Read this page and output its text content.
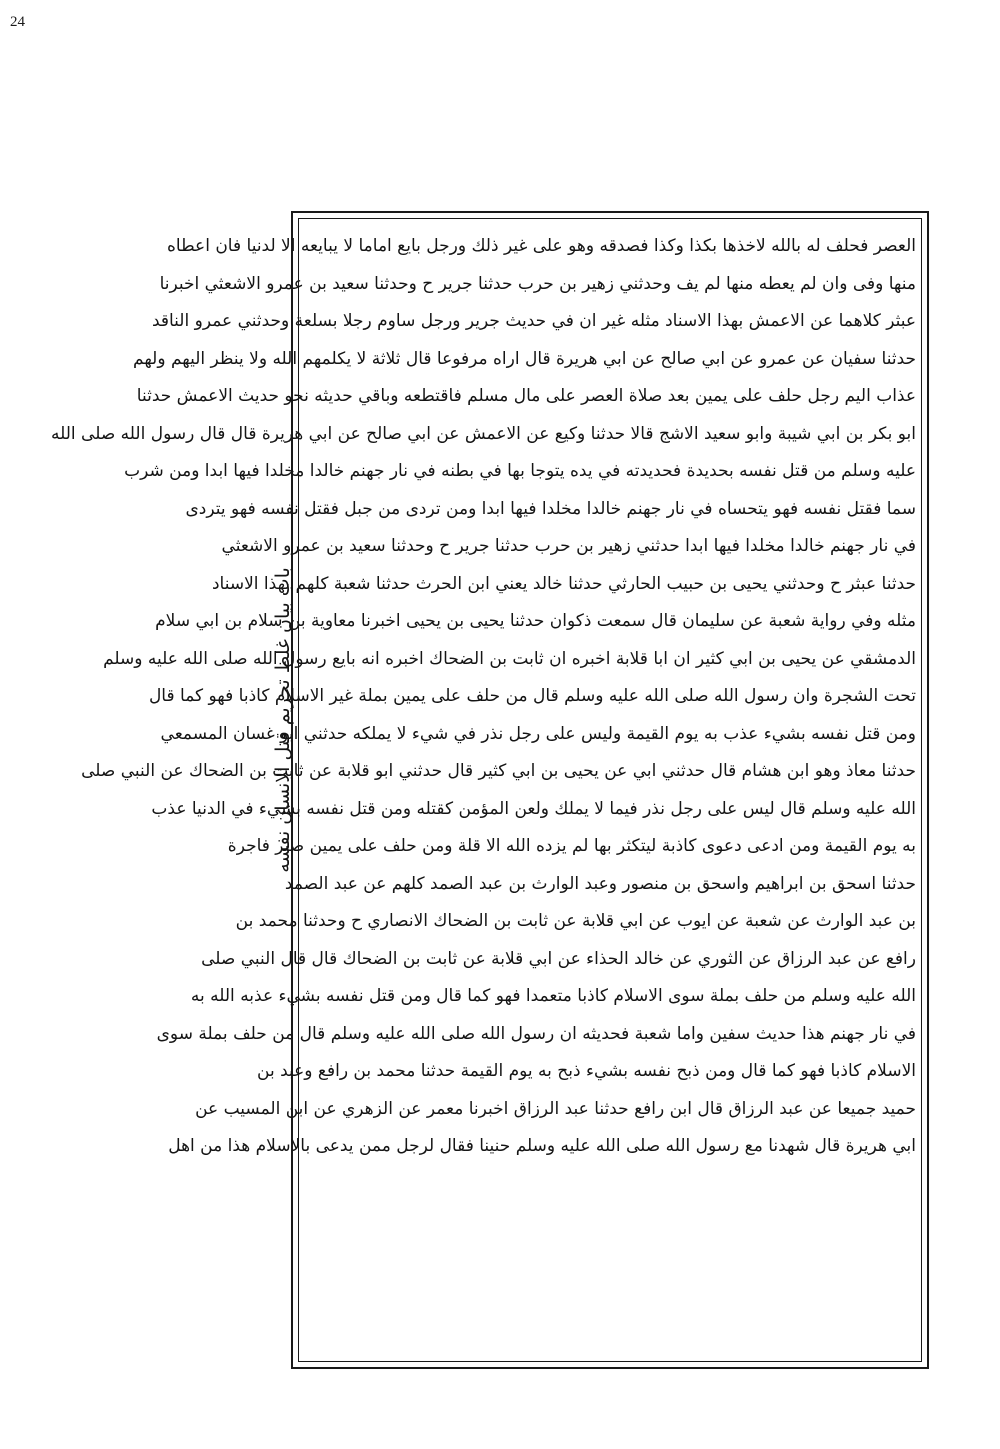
24
باب بيان غلظ تحريم قتل الانسان نفسه
العصر فحلف له بالله لاخذها بكذا وكذا فصدقه وهو على غير ذلك ورجل بايع اماما لا يبايعه الا لدنيا فان اعطاه
منها وفى وان لم يعطه منها لم يف وحدثني زهير بن حرب حدثنا جرير ح وحدثنا سعيد بن عمرو الاشعثي اخبرنا
عبثر كلاهما عن الاعمش بهذا الاسناد مثله غير ان في حديث جرير ورجل ساوم رجلا بسلعة وحدثني عمرو الناقد
حدثنا سفيان عن عمرو عن ابي صالح عن ابي هريرة قال اراه مرفوعا قال ثلاثة لا يكلمهم الله ولا ينظر اليهم ولهم
عذاب اليم رجل حلف على يمين بعد صلاة العصر على مال مسلم فاقتطعه وباقي حديثه نحو حديث الاعمش حدثنا
ابو بكر بن ابي شيبة وابو سعيد الاشج قالا حدثنا وكيع عن الاعمش عن ابي صالح عن ابي هريرة قال قال رسول الله صلى الله
عليه وسلم من قتل نفسه بحديدة فحديدته في يده يتوجا بها في بطنه في نار جهنم خالدا مخلدا فيها ابدا ومن شرب
سما فقتل نفسه فهو يتحساه في نار جهنم خالدا مخلدا فيها ابدا ومن تردى من جبل فقتل نفسه فهو يتردى
في نار جهنم خالدا مخلدا فيها ابدا حدثني زهير بن حرب حدثنا جرير ح وحدثنا سعيد بن عمرو الاشعثي
حدثنا عبثر ح وحدثني يحيى بن حبيب الحارثي حدثنا خالد يعني ابن الحرث حدثنا شعبة كلهم بهذا الاسناد
مثله وفي رواية شعبة عن سليمان قال سمعت ذكوان حدثنا يحيى بن يحيى اخبرنا معاوية بن سلام بن ابي سلام
الدمشقي عن يحيى بن ابي كثير ان ابا قلابة اخبره ان ثابت بن الضحاك اخبره انه بايع رسول الله صلى الله عليه وسلم
تحت الشجرة وان رسول الله صلى الله عليه وسلم قال من حلف على يمين بملة غير الاسلام كاذبا فهو كما قال
ومن قتل نفسه بشيء عذب به يوم القيمة وليس على رجل نذر في شيء لا يملكه حدثني ابو غسان المسمعي
حدثنا معاذ وهو ابن هشام قال حدثني ابي عن يحيى بن ابي كثير قال حدثني ابو قلابة عن ثابت بن الضحاك عن النبي صلى
الله عليه وسلم قال ليس على رجل نذر فيما لا يملك ولعن المؤمن كقتله ومن قتل نفسه بشيء في الدنيا عذب
به يوم القيمة ومن ادعى دعوى كاذبة ليتكثر بها لم يزده الله الا قلة ومن حلف على يمين صبر فاجرة
حدثنا اسحق بن ابراهيم واسحق بن منصور وعبد الوارث بن عبد الصمد كلهم عن عبد الصمد
بن عبد الوارث عن شعبة عن ايوب عن ابي قلابة عن ثابت بن الضحاك الانصاري ح وحدثنا محمد بن
رافع عن عبد الرزاق عن الثوري عن خالد الحذاء عن ابي قلابة عن ثابت بن الضحاك قال قال النبي صلى
الله عليه وسلم من حلف بملة سوى الاسلام كاذبا متعمدا فهو كما قال ومن قتل نفسه بشيء عذبه الله به
في نار جهنم هذا حديث سفين واما شعبة فحديثه ان رسول الله صلى الله عليه وسلم قال من حلف بملة سوى
الاسلام كاذبا فهو كما قال ومن ذبح نفسه بشيء ذبح به يوم القيمة حدثنا محمد بن رافع وعبد بن
حميد جميعا عن عبد الرزاق قال ابن رافع حدثنا عبد الرزاق اخبرنا معمر عن الزهري عن ابن المسيب عن
ابي هريرة قال شهدنا مع رسول الله صلى الله عليه وسلم حنينا فقال لرجل ممن يدعى بالاسلام هذا من اهل
